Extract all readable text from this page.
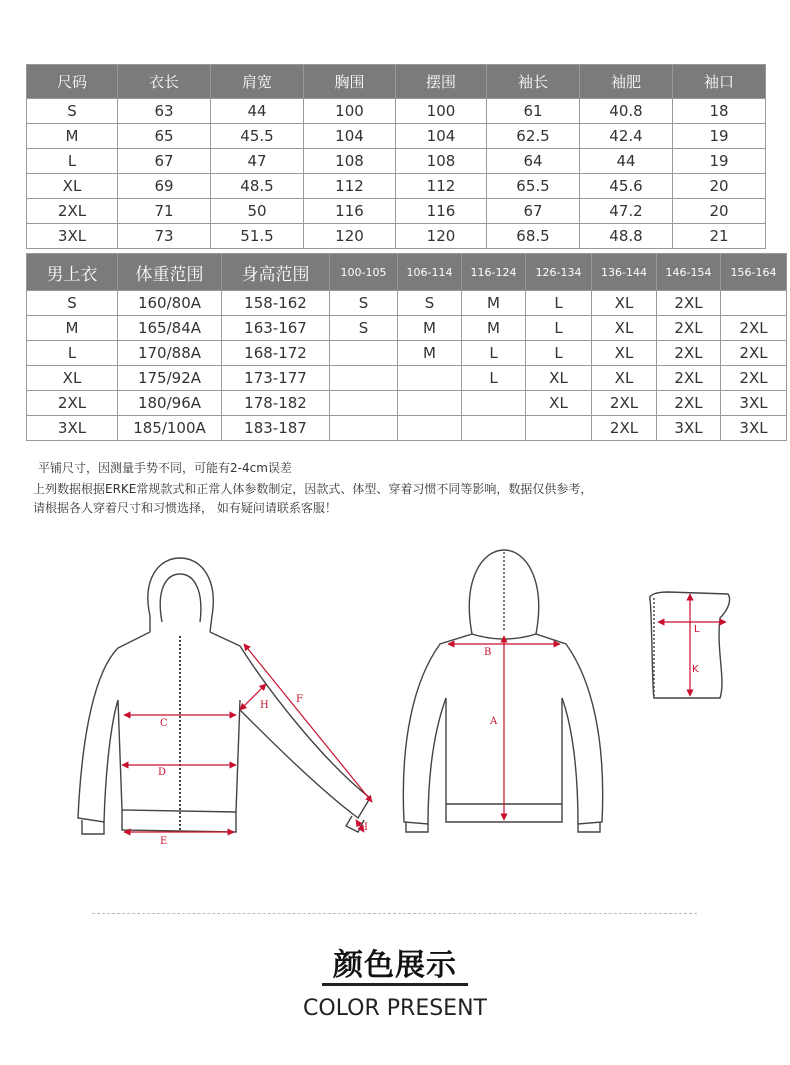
尺码	衣长	肩宽	胸围	摆围	袖长	袖肥	袖口
S	63	44	100	100	61	40.8	18
M	65	45.5	104	104	62.5	42.4	19
L	67	47	108	108	64	44	19
XL	69	48.5	112	112	65.5	45.6	20
2XL	71	50	116	116	67	47.2	20
3XL	73	51.5	120	120	68.5	48.8	21
男上衣	体重范围	身高范围	100-105	106-114	116-124	126-134	136-144	146-154	156-164
S	160/80A	158-162	S	S	M	L	XL	2XL	
M	165/84A	163-167	S	M	M	L	XL	2XL	2XL
L	170/88A	168-172		M	L	L	XL	2XL	2XL
XL	175/92A	173-177			L	XL	XL	2XL	2XL
2XL	180/96A	178-182				XL	2XL	2XL	3XL
3XL	185/100A	183-187					2XL	3XL	3XL
平铺尺寸，因测量手势不同，可能有2-4cm误差
上列数据根据ERKE常规款式和正常人体参数制定，因款式、体型、穿着习惯不同等影响，数据仅供参考，
请根据各人穿着尺寸和习惯选择， 如有疑问请联系客服！
C
D
E
F
H
I
B
A
L
K
颜色展示
COLOR PRESENT
